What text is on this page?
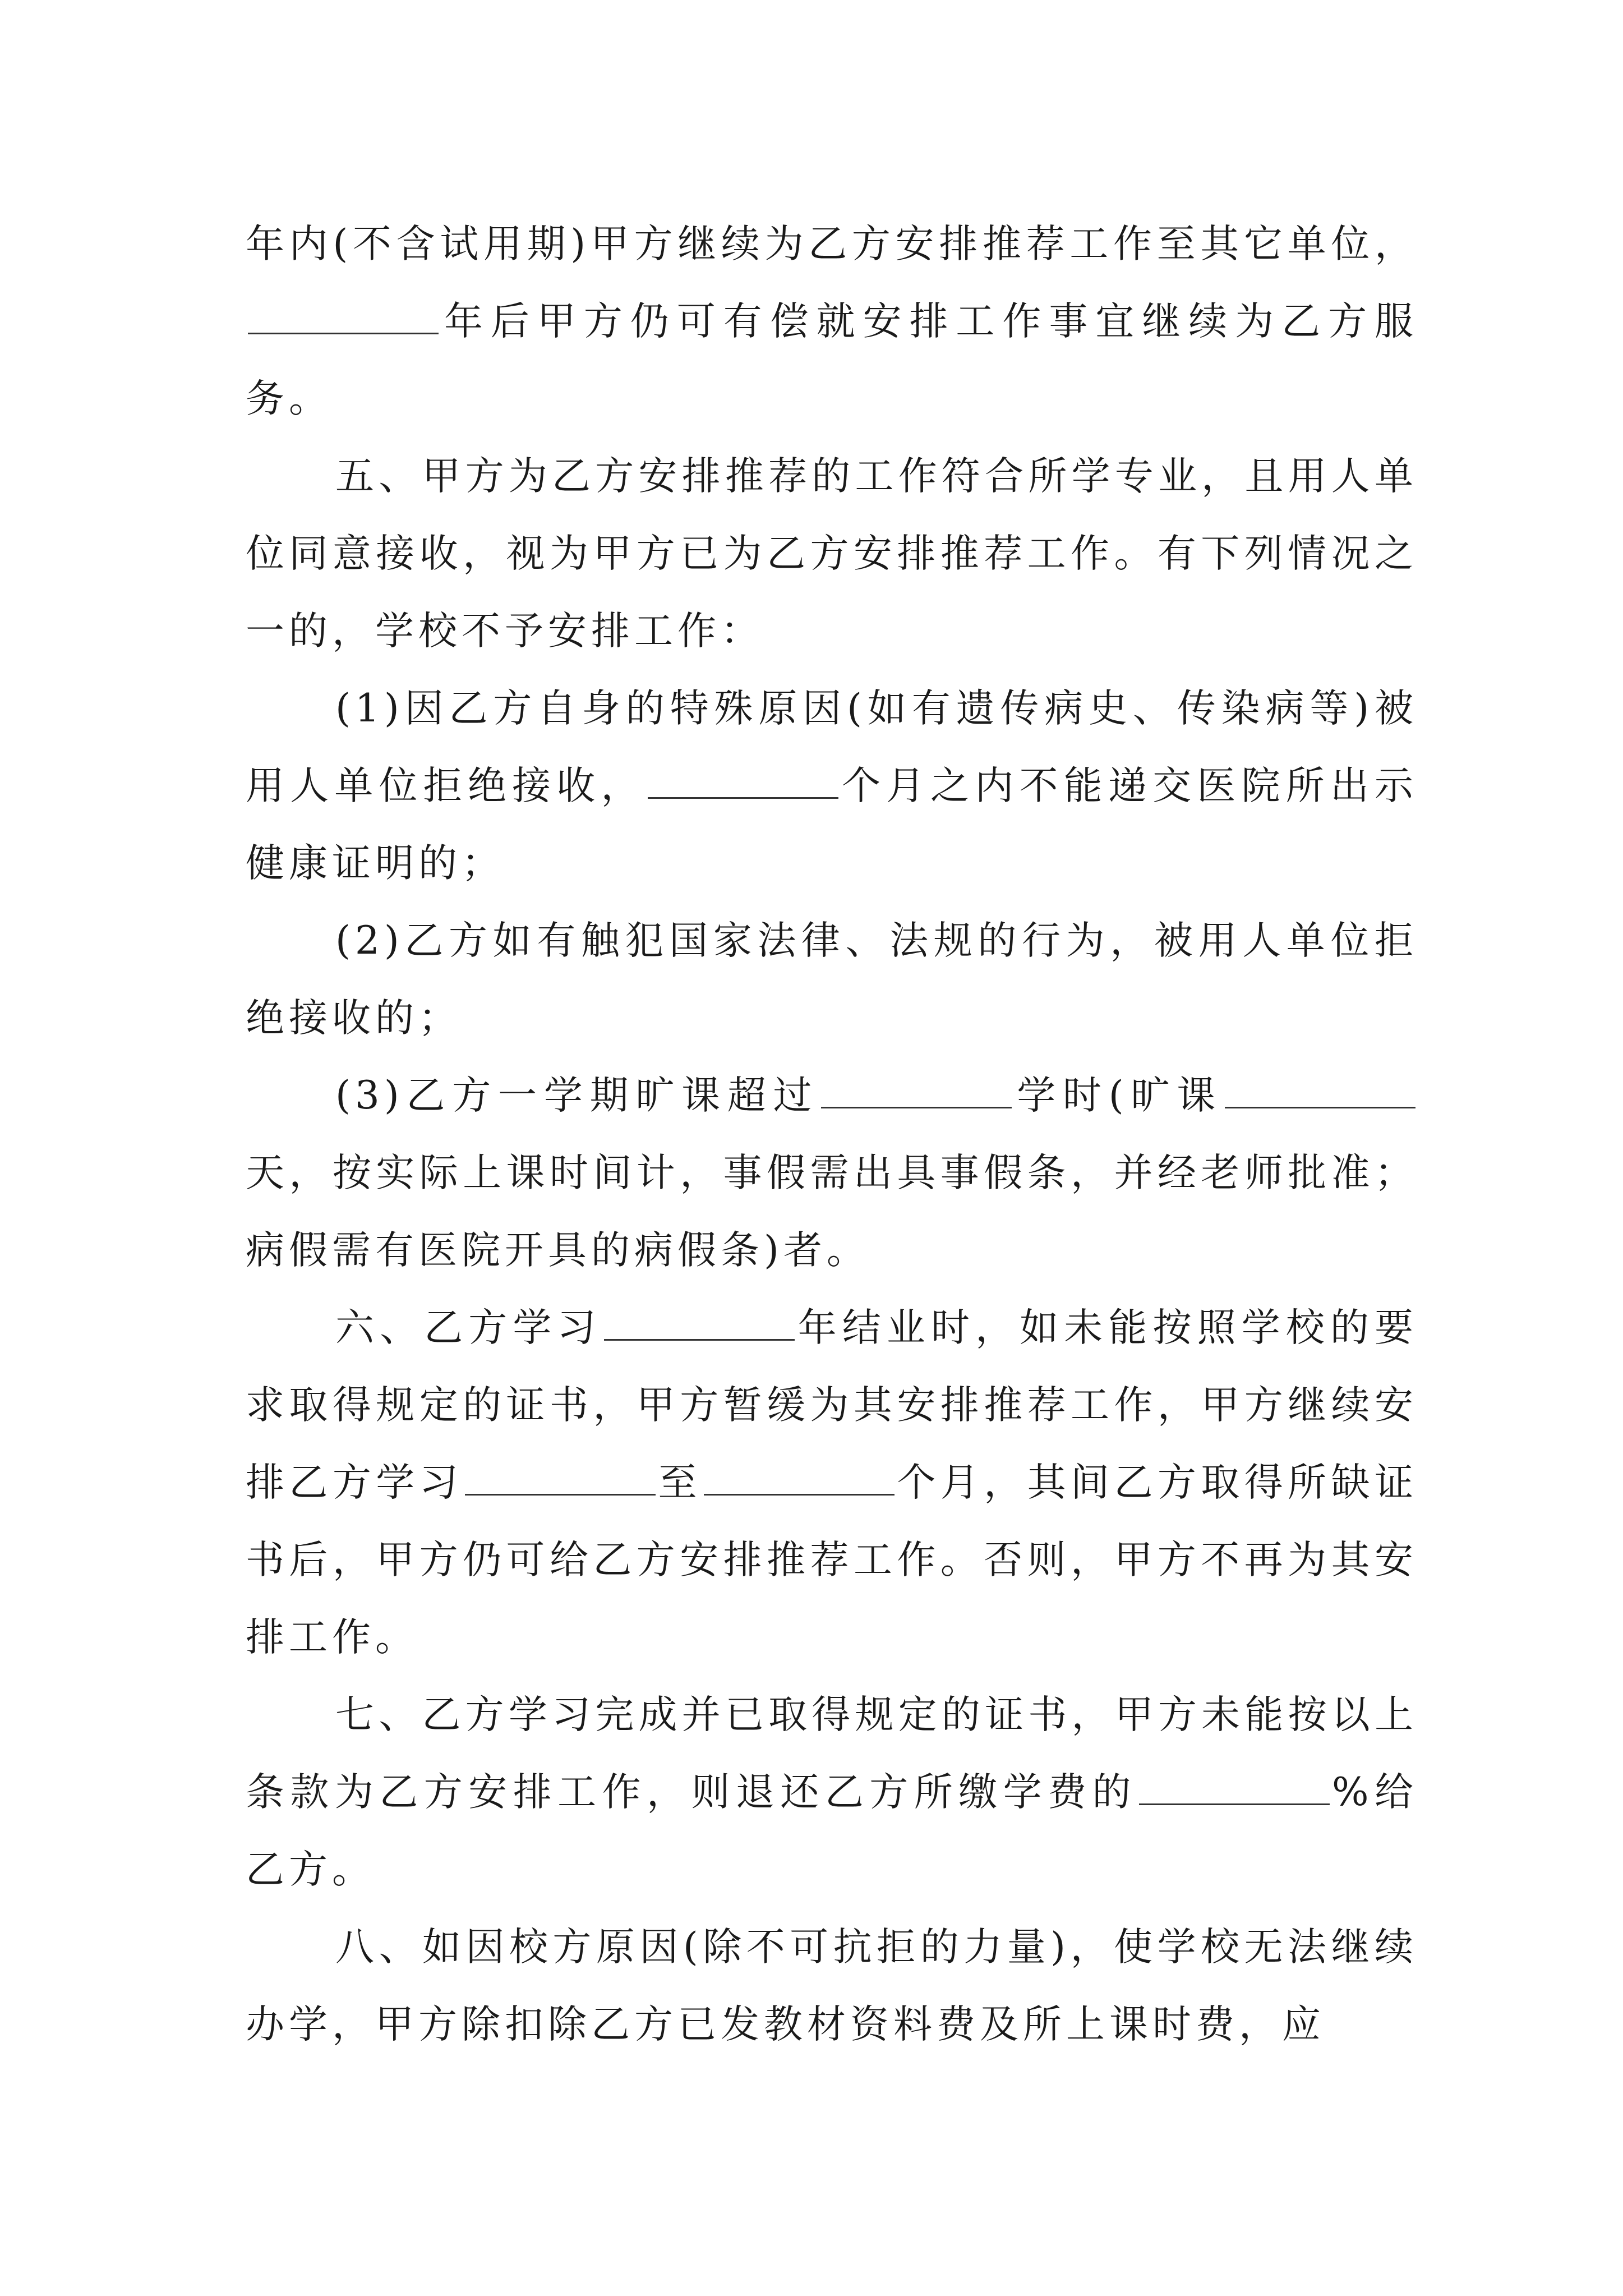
年内(不含试用期)甲方继续为乙方安排推荐工作至其它单位，年后甲方仍可有偿就安排工作事宜继续为乙方服务。

五、甲方为乙方安排推荐的工作符合所学专业，且用人单位同意接收，视为甲方已为乙方安排推荐工作。有下列情况之一的，学校不予安排工作：

(1)因乙方自身的特殊原因(如有遗传病史、传染病等)被用人单位拒绝接收，	个月之内不能递交医院所出示健康证明的；

(2)乙方如有触犯国家法律、法规的行为，被用人单位拒绝接收的；

(3)乙方一学期旷课超过	学时(旷课天，按实际上课时间计，事假需出具事假条，并经老师批准；病假需有医院开具的病假条)者。

六、乙方学习	年结业时，如未能按照学校的要求取得规定的证书，甲方暂缓为其安排推荐工作，甲方继续安排乙方学习	至	个月，其间乙方取得所缺证书后，甲方仍可给乙方安排推荐工作。否则，甲方不再为其安排工作。

七、乙方学习完成并已取得规定的证书，甲方未能按以上条款为乙方安排工作，则退还乙方所缴学费的	%给乙方。

八、如因校方原因(除不可抗拒的力量)，使学校无法继续办学，甲方除扣除乙方已发教材资料费及所上课时费，应
